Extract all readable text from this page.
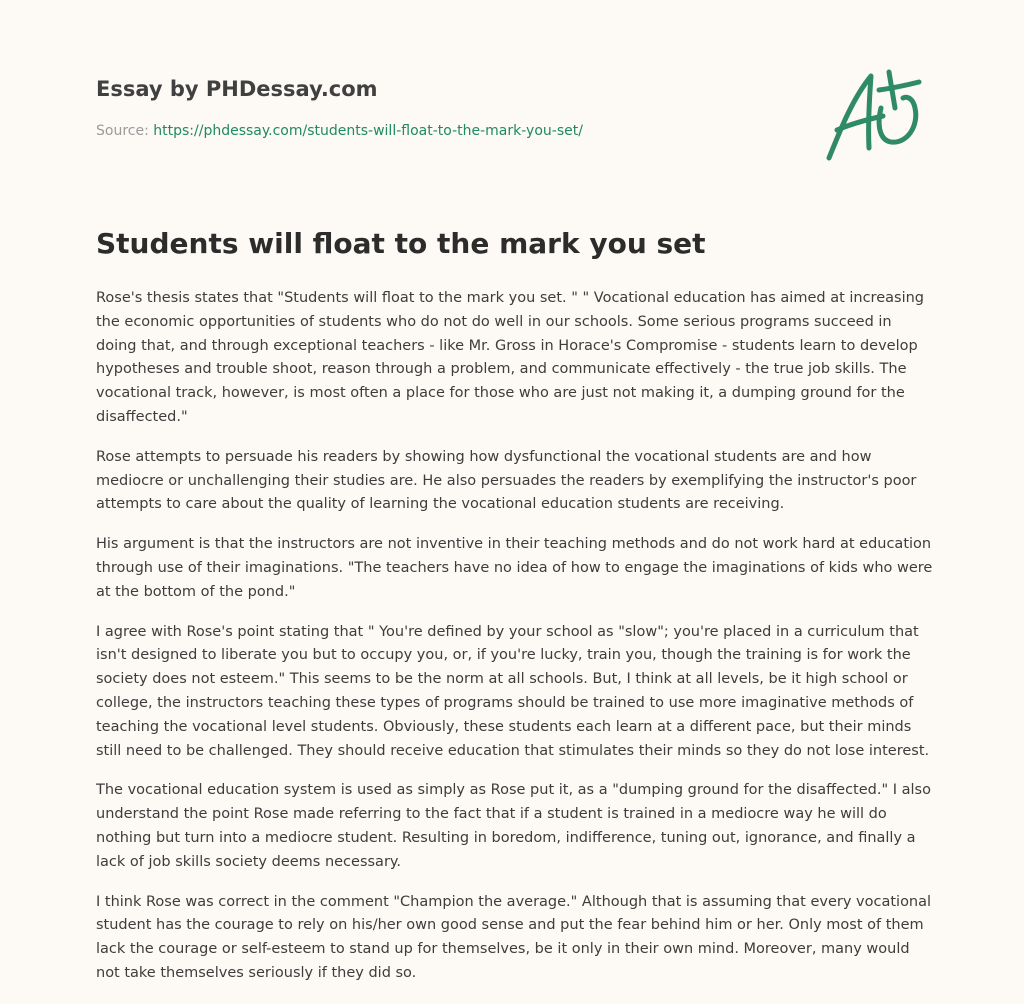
Essay by PHDessay.com
Source: https://phdessay.com/students-will-float-to-the-mark-you-set/
Students will float to the mark you set

Rose's thesis states that "Students will float to the mark you set. " " Vocational education has aimed at increasing the economic opportunities of students who do not do well in our schools. Some serious programs succeed in doing that, and through exceptional teachers - like Mr. Gross in Horace's Compromise - students learn to develop hypotheses and trouble shoot, reason through a problem, and communicate effectively - the true job skills. The vocational track, however, is most often a place for those who are just not making it, a dumping ground for the disaffected."

Rose attempts to persuade his readers by showing how dysfunctional the vocational students are and how mediocre or unchallenging their studies are. He also persuades the readers by exemplifying the instructor's poor attempts to care about the quality of learning the vocational education students are receiving.

His argument is that the instructors are not inventive in their teaching methods and do not work hard at education through use of their imaginations. "The teachers have no idea of how to engage the imaginations of kids who were at the bottom of the pond."

I agree with Rose's point stating that " You're defined by your school as "slow"; you're placed in a curriculum that isn't designed to liberate you but to occupy you, or, if you're lucky, train you, though the training is for work the society does not esteem." This seems to be the norm at all schools. But, I think at all levels, be it high school or college, the instructors teaching these types of programs should be trained to use more imaginative methods of teaching the vocational level students. Obviously, these students each learn at a different pace, but their minds still need to be challenged. They should receive education that stimulates their minds so they do not lose interest.

The vocational education system is used as simply as Rose put it, as a "dumping ground for the disaffected." I also understand the point Rose made referring to the fact that if a student is trained in a mediocre way he will do nothing but turn into a mediocre student. Resulting in boredom, indifference, tuning out, ignorance, and finally a lack of job skills society deems necessary.

I think Rose was correct in the comment "Champion the average." Although that is assuming that every vocational student has the courage to rely on his/her own good sense and put the fear behind him or her. Only most of them lack the courage or self-esteem to stand up for themselves, be it only in their own mind. Moreover, many would not take themselves seriously if they did so.
